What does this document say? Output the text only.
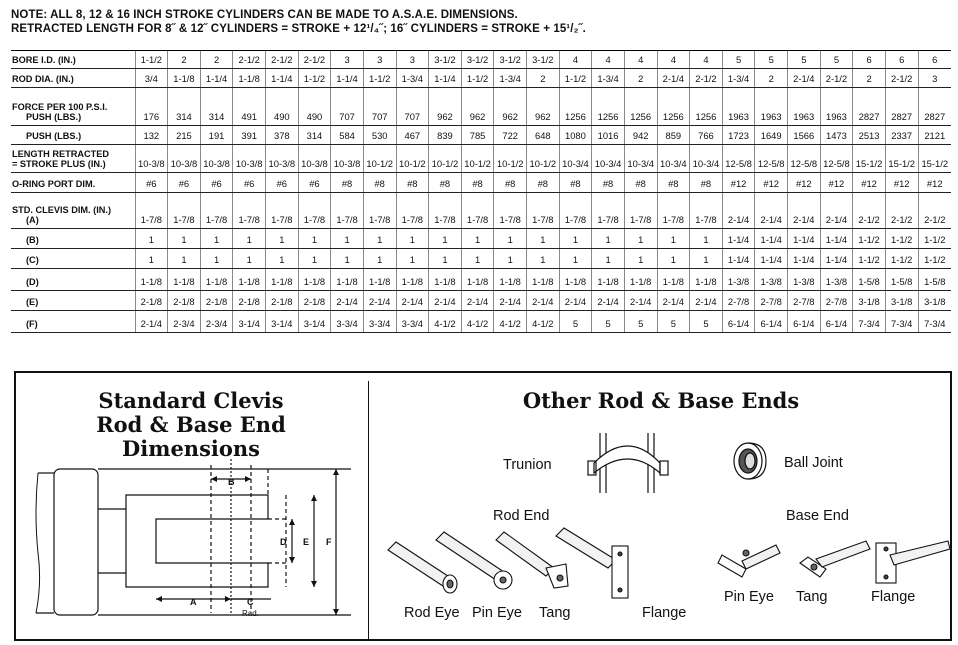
NOTE: ALL 8, 12 & 16 INCH STROKE CYLINDERS CAN BE MADE TO A.S.A.E. DIMENSIONS.
RETRACTED LENGTH FOR 8˝ & 12˝ CYLINDERS = STROKE + 12¹/₄˝; 16˝ CYLINDERS = STROKE + 15¹/₂˝.
BORE I.D. (IN.)	1-1/2	2	2	2-1/2	2-1/2	2-1/2	3	3	3	3-1/2	3-1/2	3-1/2	3-1/2	4	4	4	4	4	5	5	5	5	6	6	6

ROD DIA. (IN.)	3/4	1-1/8	1-1/4	1-1/8	1-1/4	1-1/2	1-1/4	1-1/2	1-3/4	1-1/4	1-1/2	1-3/4	2	1-1/2	1-3/4	2	2-1/4	2-1/2	1-3/4	2	2-1/4	2-1/2	2	2-1/2	3

FORCE PER 100 P.S.I.
PUSH (LBS.)	176	314	314	491	490	490	707	707	707	962	962	962	962	1256	1256	1256	1256	1256	1963	1963	1963	1963	2827	2827	2827

PUSH (LBS.)	132	215	191	391	378	314	584	530	467	839	785	722	648	1080	1016	942	859	766	1723	1649	1566	1473	2513	2337	2121

LENGTH RETRACTED
= STROKE PLUS (IN.)	10-3/8	10-3/8	10-3/8	10-3/8	10-3/8	10-3/8	10-3/8	10-1/2	10-1/2	10-1/2	10-1/2	10-1/2	10-1/2	10-3/4	10-3/4	10-3/4	10-3/4	10-3/4	12-5/8	12-5/8	12-5/8	12-5/8	15-1/2	15-1/2	15-1/2

O-RING PORT DIM.	#6	#6	#6	#6	#6	#6	#8	#8	#8	#8	#8	#8	#8	#8	#8	#8	#8	#8	#12	#12	#12	#12	#12	#12	#12

STD. CLEVIS DIM. (IN.)
(A)	1-7/8	1-7/8	1-7/8	1-7/8	1-7/8	1-7/8	1-7/8	1-7/8	1-7/8	1-7/8	1-7/8	1-7/8	1-7/8	1-7/8	1-7/8	1-7/8	1-7/8	1-7/8	2-1/4	2-1/4	2-1/4	2-1/4	2-1/2	2-1/2	2-1/2

(B)	1	1	1	1	1	1	1	1	1	1	1	1	1	1	1	1	1	1	1-1/4	1-1/4	1-1/4	1-1/4	1-1/2	1-1/2	1-1/2

(C)	1	1	1	1	1	1	1	1	1	1	1	1	1	1	1	1	1	1	1-1/4	1-1/4	1-1/4	1-1/4	1-1/2	1-1/2	1-1/2

(D)	1-1/8	1-1/8	1-1/8	1-1/8	1-1/8	1-1/8	1-1/8	1-1/8	1-1/8	1-1/8	1-1/8	1-1/8	1-1/8	1-1/8	1-1/8	1-1/8	1-1/8	1-1/8	1-3/8	1-3/8	1-3/8	1-3/8	1-5/8	1-5/8	1-5/8

(E)	2-1/8	2-1/8	2-1/8	2-1/8	2-1/8	2-1/8	2-1/4	2-1/4	2-1/4	2-1/4	2-1/4	2-1/4	2-1/4	2-1/4	2-1/4	2-1/4	2-1/4	2-1/4	2-7/8	2-7/8	2-7/8	2-7/8	3-1/8	3-1/8	3-1/8

(F)	2-1/4	2-3/4	2-3/4	3-1/4	3-1/4	3-1/4	3-3/4	3-3/4	3-3/4	4-1/2	4-1/2	4-1/2	4-1/2	5	5	5	5	5	6-1/4	6-1/4	6-1/4	6-1/4	7-3/4	7-3/4	7-3/4
Standard Clevis
Rod & Base End
Dimensions
B
D E F
A	C
Rad.
Other Rod & Base Ends
Trunion	Ball Joint
Rod End	Base End
Rod Eye Pin Eye Tang	Flange
Pin Eye Tang	Flange
